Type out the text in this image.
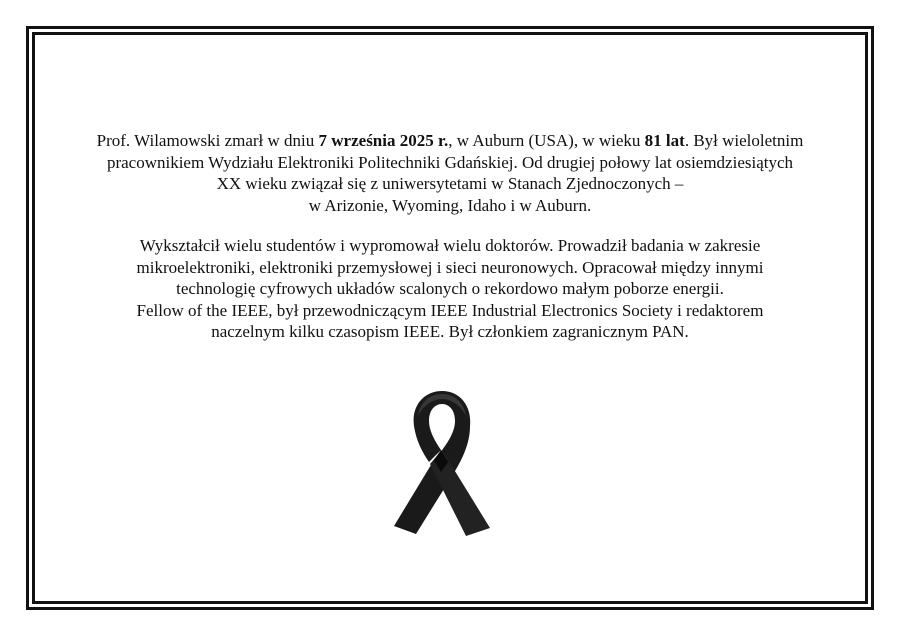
Prof. Wilamowski zmarł w dniu 7 września 2025 r., w Auburn (USA), w wieku 81 lat. Był wieloletnim
pracownikiem Wydziału Elektroniki Politechniki Gdańskiej. Od drugiej połowy lat osiemdziesiątych
XX wieku związał się z uniwersytetami w Stanach Zjednoczonych –
w Arizonie, Wyoming, Idaho i w Auburn.
Wykształcił wielu studentów i wypromował wielu doktorów. Prowadził badania w zakresie
mikroelektroniki, elektroniki przemysłowej i sieci neuronowych. Opracował między innymi
technologię cyfrowych układów scalonych o rekordowo małym poborze energii.
Fellow of the IEEE, był przewodniczącym IEEE Industrial Electronics Society i redaktorem
naczelnym kilku czasopism IEEE. Był członkiem zagranicznym PAN.
